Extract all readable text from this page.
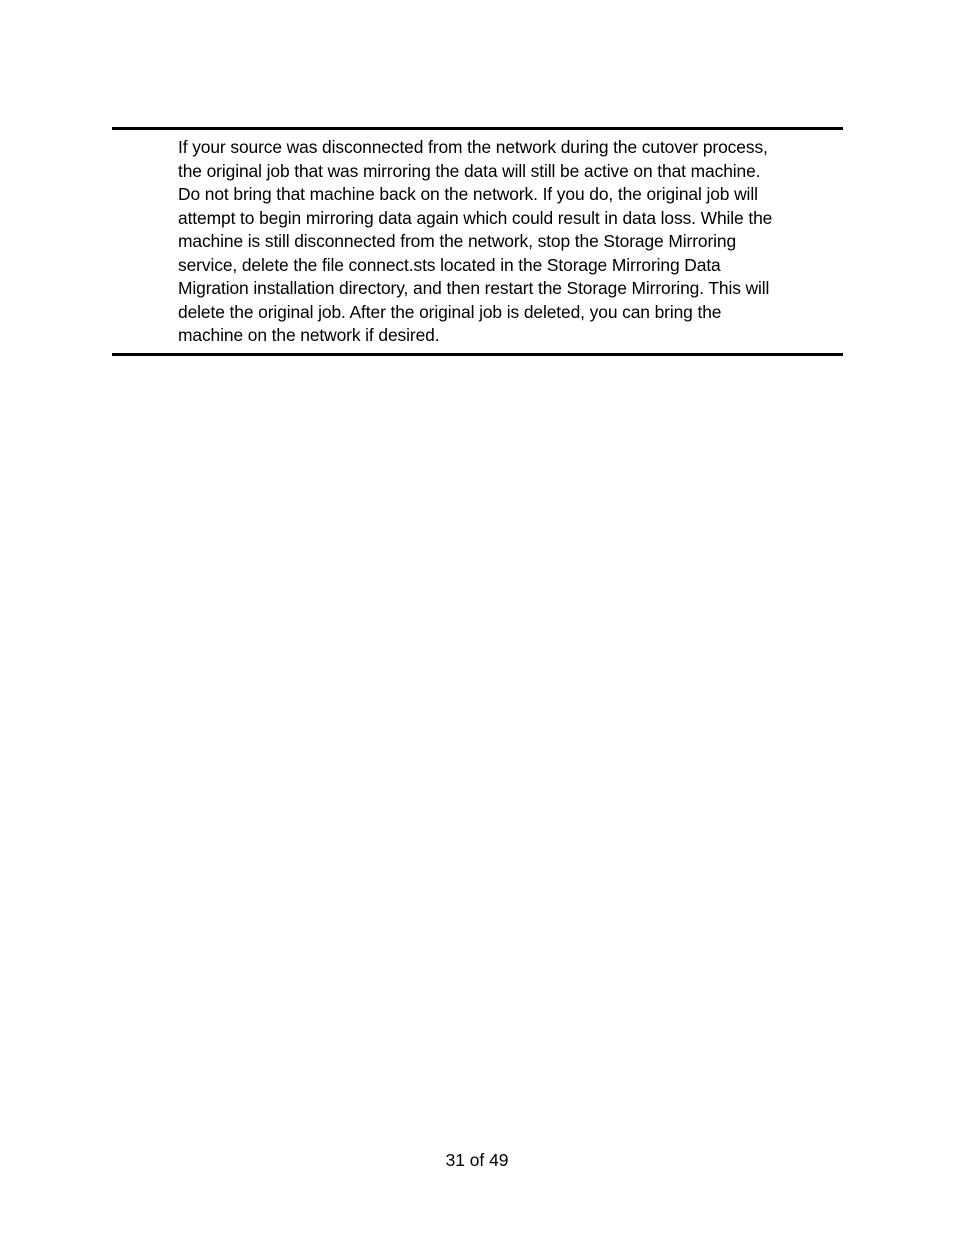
If your source was disconnected from the network during the cutover process,
the original job that was mirroring the data will still be active on that machine.
Do not bring that machine back on the network. If you do, the original job will
attempt to begin mirroring data again which could result in data loss. While the
machine is still disconnected from the network, stop the Storage Mirroring
service, delete the file connect.sts located in the Storage Mirroring Data
Migration installation directory, and then restart the Storage Mirroring. This will
delete the original job. After the original job is deleted, you can bring the
machine on the network if desired.

31 of 49
